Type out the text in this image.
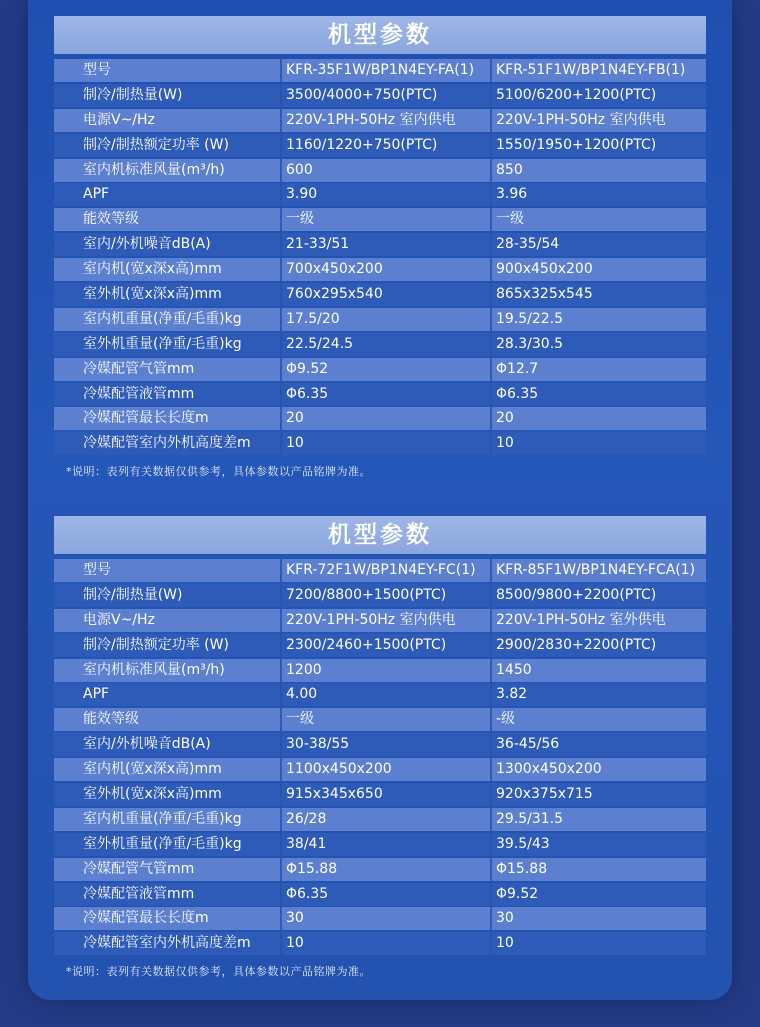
机型参数
型号	KFR-35F1W/BP1N4EY-FA(1)	KFR-51F1W/BP1N4EY-FB(1)
制冷/制热量(W)	3500/4000+750(PTC)	5100/6200+1200(PTC)
电源V~/Hz	220V-1PH-50Hz 室内供电	220V-1PH-50Hz 室内供电
制冷/制热额定功率 (W)	1160/1220+750(PTC)	1550/1950+1200(PTC)
室内机标准风量(m³/h)	600	850
APF	3.90	3.96
能效等级	一级	一级
室内/外机噪音dB(A)	21-33/51	28-35/54
室内机(宽x深x高)mm	700x450x200	900x450x200
室外机(宽x深x高)mm	760x295x540	865x325x545
室内机重量(净重/毛重)kg	17.5/20	19.5/22.5
室外机重量(净重/毛重)kg	22.5/24.5	28.3/30.5
冷媒配管气管mm	Φ9.52	Φ12.7
冷媒配管液管mm	Φ6.35	Φ6.35
冷媒配管最长长度m	20	20
冷媒配管室内外机高度差m	10	10
*说明：表列有关数据仅供参考，具体参数以产品铭牌为准。
机型参数
型号	KFR-72F1W/BP1N4EY-FC(1)	KFR-85F1W/BP1N4EY-FCA(1)
制冷/制热量(W)	7200/8800+1500(PTC)	8500/9800+2200(PTC)
电源V~/Hz	220V-1PH-50Hz 室内供电	220V-1PH-50Hz 室外供电
制冷/制热额定功率 (W)	2300/2460+1500(PTC)	2900/2830+2200(PTC)
室内机标准风量(m³/h)	1200	1450
APF	4.00	3.82
能效等级	一级	-级
室内/外机噪音dB(A)	30-38/55	36-45/56
室内机(宽x深x高)mm	1100x450x200	1300x450x200
室外机(宽x深x高)mm	915x345x650	920x375x715
室内机重量(净重/毛重)kg	26/28	29.5/31.5
室外机重量(净重/毛重)kg	38/41	39.5/43
冷媒配管气管mm	Φ15.88	Φ15.88
冷媒配管液管mm	Φ6.35	Φ9.52
冷媒配管最长长度m	30	30
冷媒配管室内外机高度差m	10	10
*说明：表列有关数据仅供参考，具体参数以产品铭牌为准。
